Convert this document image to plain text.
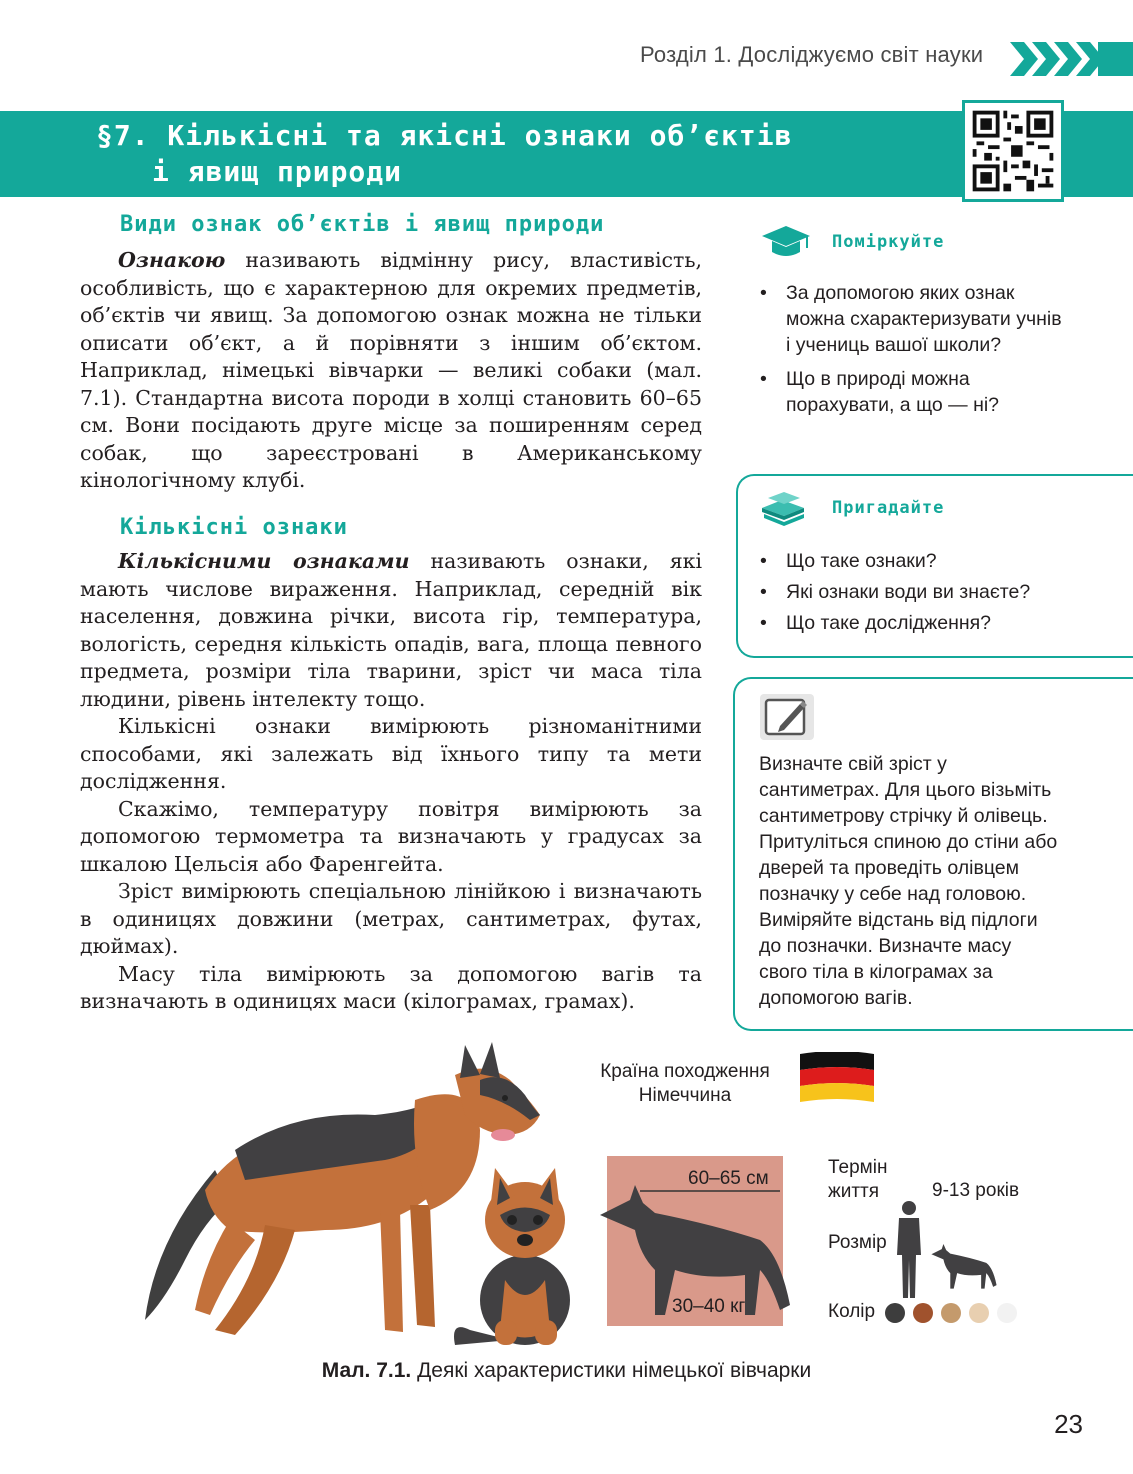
Розділ 1. Досліджуємо світ науки
§7. Кількісні та якісні ознаки об’єктів
і явищ природи
Види ознак об’єктів і явищ природи

Ознакою називають відмінну рису, властивість, особливість, що є характерною для окремих предметів, об’єктів чи явищ. За допомогою ознак можна не тільки описати об’єкт, а й порівняти з іншим об’єктом. Наприклад, німецькі вівчарки — великі собаки (мал. 7.1). Стандартна висота породи в холці становить 60–65 см. Вони посідають друге місце за поширенням серед собак, що зареєстровані в Американському кінологічному клубі.

Кількісні ознаки

Кількісними ознаками називають ознаки, які мають числове вираження. Наприклад, середній вік населення, довжина річки, висота гір, температура, вологість, середня кількість опадів, вага, площа певного предмета, розміри тіла тварини, зріст чи маса тіла людини, рівень інтелекту тощо.

Кількісні ознаки вимірюють різноманітними способами, які залежать від їхнього типу та мети дослідження.

Скажімо, температуру повітря вимірюють за допомогою термометра та визначають у градусах за шкалою Цельсія або Фаренгейта.

Зріст вимірюють спеціальною лінійкою і визначають в одиницях довжини (метрах, сантиметрах, футах, дюймах).

Масу тіла вимірюють за допомогою вагів та визначають в одиницях маси (кілограмах, грамах).

Поміркуйте
• За допомогою яких ознак можна схарактеризувати учнів і учениць вашої школи?
• Що в природі можна порахувати, а що — ні?
Пригадайте
• Що таке ознаки?
• Які ознаки води ви знаєте?
• Що таке дослідження?
Визначте свій зріст у сантиметрах. Для цього візьміть сантиметрову стрічку й олівець. Притуліться спиною до стіни або дверей та проведіть олівцем позначку у себе над головою. Виміряйте відстань від підлоги до позначки. Визначте масу свого тіла в кілограмах за допомогою вагів.
60–65 см
30–40 кг
Країна походження
Німеччина
Термін
життя	9-13 років
Розмір
Колір
Мал. 7.1. Деякі характеристики німецької вівчарки
23
